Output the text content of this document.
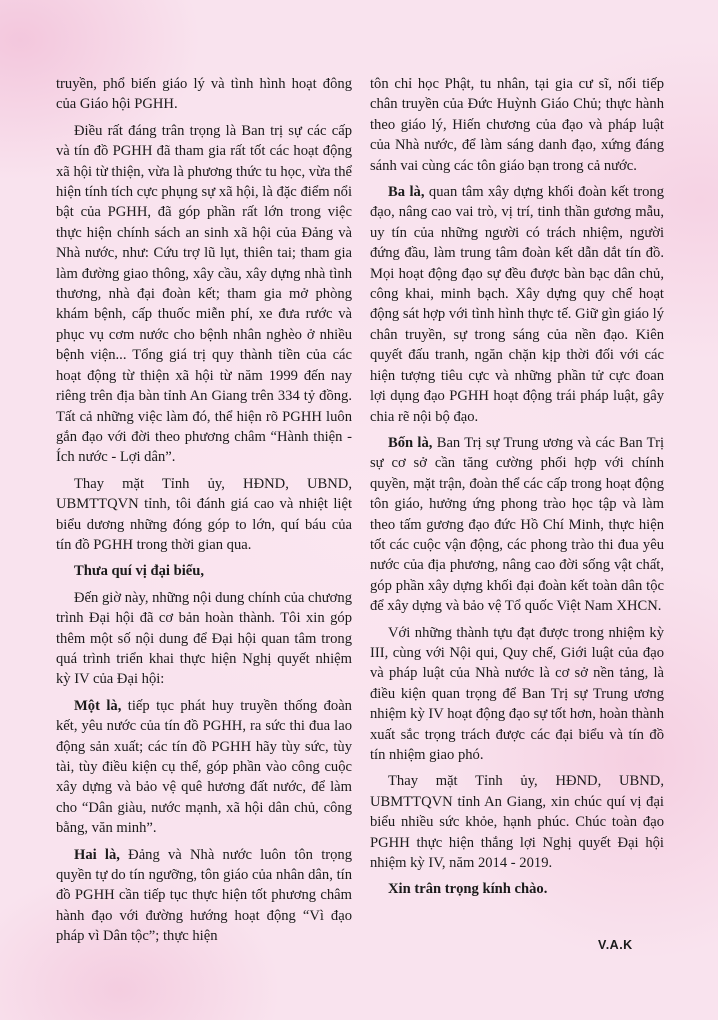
truyền, phổ biến giáo lý và tình hình hoạt đông của Giáo hội PGHH.

Điều rất đáng trân trọng là Ban trị sự các cấp và tín đồ PGHH đã tham gia rất tốt các hoạt động xã hội từ thiện, vừa là phương thức tu học, vừa thể hiện tính tích cực phụng sự xã hội, là đặc điểm nổi bật của PGHH, đã góp phần rất lớn trong việc thực hiện chính sách an sinh xã hội của Đảng và Nhà nước, như: Cứu trợ lũ lụt, thiên tai; tham gia làm đường giao thông, xây cầu, xây dựng nhà tình thương, nhà đại đoàn kết; tham gia mở phòng khám bệnh, cấp thuốc miễn phí, xe đưa rước và phục vụ cơm nước cho bệnh nhân nghèo ở nhiều bệnh viện... Tổng giá trị quy thành tiền của các hoạt động từ thiện xã hội từ năm 1999 đến nay riêng trên địa bàn tỉnh An Giang trên 334 tỷ đồng. Tất cả những việc làm đó, thể hiện rõ PGHH luôn gắn đạo với đời theo phương châm “Hành thiện - Ích nước - Lợi dân”.

Thay mặt Tỉnh ủy, HĐND, UBND, UBMTTQVN tỉnh, tôi đánh giá cao và nhiệt liệt biểu dương những đóng góp to lớn, quí báu của tín đồ PGHH trong thời gian qua.

Thưa quí vị đại biểu,

Đến giờ này, những nội dung chính của chương trình Đại hội đã cơ bản hoàn thành. Tôi xin góp thêm một số nội dung để Đại hội quan tâm trong quá trình triển khai thực hiện Nghị quyết nhiệm kỳ IV của Đại hội:

Một là, tiếp tục phát huy truyền thống đoàn kết, yêu nước của tín đồ PGHH, ra sức thi đua lao động sản xuất; các tín đồ PGHH hãy tùy sức, tùy tài, tùy điều kiện cụ thể, góp phần vào công cuộc xây dựng và bảo vệ quê hương đất nước, để làm cho “Dân giàu, nước mạnh, xã hội dân chủ, công bằng, văn minh”.

Hai là, Đảng và Nhà nước luôn tôn trọng quyền tự do tín ngưỡng, tôn giáo của nhân dân, tín đồ PGHH cần tiếp tục thực hiện tốt phương châm hành đạo với đường hướng hoạt động “Vì đạo pháp vì Dân tộc”; thực hiện

tôn chỉ học Phật, tu nhân, tại gia cư sĩ, nối tiếp chân truyền của Đức Huỳnh Giáo Chủ; thực hành theo giáo lý, Hiến chương của đạo và pháp luật của Nhà nước, để làm sáng danh đạo, xứng đáng sánh vai cùng các tôn giáo bạn trong cả nước.

Ba là, quan tâm xây dựng khối đoàn kết trong đạo, nâng cao vai trò, vị trí, tinh thần gương mẫu, uy tín của những người có trách nhiệm, người đứng đầu, làm trung tâm đoàn kết dẫn dắt tín đồ. Mọi hoạt động đạo sự đều được bàn bạc dân chủ, công khai, minh bạch. Xây dựng quy chế hoạt động sát hợp với tình hình thực tế. Giữ gìn giáo lý chân truyền, sự trong sáng của nền đạo. Kiên quyết đấu tranh, ngăn chặn kịp thời đối với các hiện tượng tiêu cực và những phần tử cực đoan lợi dụng đạo PGHH hoạt động trái pháp luật, gây chia rẽ nội bộ đạo.

Bốn là, Ban Trị sự Trung ương và các Ban Trị sự cơ sở cần tăng cường phối hợp với chính quyền, mặt trận, đoàn thể các cấp trong hoạt động tôn giáo, hưởng ứng phong trào học tập và làm theo tấm gương đạo đức Hồ Chí Minh, thực hiện tốt các cuộc vận động, các phong trào thi đua yêu nước của địa phương, nâng cao đời sống vật chất, góp phần xây dựng khối đại đoàn kết toàn dân tộc để xây dựng và bảo vệ Tổ quốc Việt Nam XHCN.

Với những thành tựu đạt được trong nhiệm kỳ III, cùng với Nội qui, Quy chế, Giới luật của đạo và pháp luật của Nhà nước là cơ sở nền tảng, là điều kiện quan trọng để Ban Trị sự Trung ương nhiệm kỳ IV hoạt động đạo sự tốt hơn, hoàn thành xuất sắc trọng trách được các đại biểu và tín đồ tín nhiệm giao phó.

Thay mặt Tỉnh ủy, HĐND, UBND, UBMTTQVN tỉnh An Giang, xin chúc quí vị đại biểu nhiều sức khỏe, hạnh phúc. Chúc toàn đạo PGHH thực hiện thắng lợi Nghị quyết Đại hội nhiệm kỳ IV, năm 2014 - 2019.

Xin trân trọng kính chào.

V.A.K
